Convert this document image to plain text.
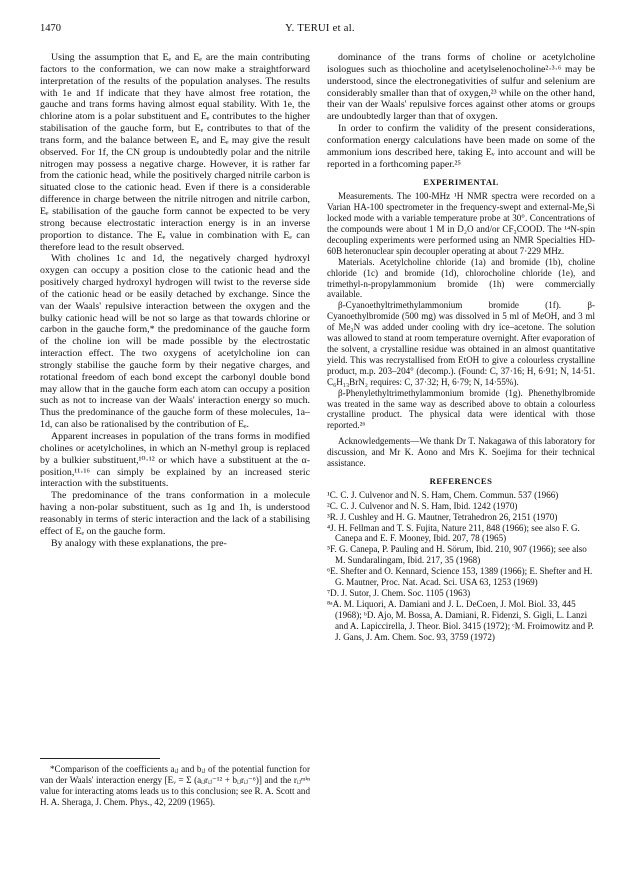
1470	Y. TERUI et al.

Using the assumption that Eₑ and Eₑ are the main contributing factors to the conformation, we can now make a straightforward interpretation of the results of the population analyses. The results with 1e and 1f indicate that they have almost free rotation, the gauche and trans forms having almost equal stability. With 1e, the chlorine atom is a polar substituent and Eₑ contributes to the higher stabilisation of the gauche form, but Eₑ contributes to that of the trans form, and the balance between Eₑ and Eₑ may give the result observed. For 1f, the CN group is undoubtedly polar and the nitrile nitrogen may possess a negative charge. However, it is rather far from the cationic head, while the positively charged nitrile carbon is situated close to the cationic head. Even if there is a considerable difference in charge between the nitrile nitrogen and nitrile carbon, Eₑ stabilisation of the gauche form cannot be expected to be very strong because electrostatic interaction energy is in an inverse proportion to distance. The Eₑ value in combination with Eₑ can therefore lead to the result observed.

With cholines 1c and 1d, the negatively charged hydroxyl oxygen can occupy a position close to the cationic head and the positively charged hydroxyl hydrogen will twist to the reverse side of the cationic head or be easily detached by exchange. Since the van der Waals' repulsive interaction between the oxygen and the bulky cationic head will be not so large as that towards chlorine or carbon in the gauche form,* the predominance of the gauche form of the choline ion will be made possible by the electrostatic interaction effect. The two oxygens of acetylcholine ion can strongly stabilise the gauche form by their negative charges, and rotational freedom of each bond except the carbonyl double bond may allow that in the gauche form each atom can occupy a position such as not to increase van der Waals' interaction energy so much. Thus the predominance of the gauche form of these molecules, 1a–1d, can also be rationalised by the contribution of Eₑ.

Apparent increases in population of the trans forms in modified cholines or acetylcholines, in which an N-methyl group is replaced by a bulkier substituent,¹⁰·¹² or which have a substituent at the α-position,¹¹·¹⁶ can simply be explained by an increased steric interaction with the substituents.

The predominance of the trans conformation in a molecule having a non-polar substituent, such as 1g and 1h, is understood reasonably in terms of steric interaction and the lack of a stabilising effect of Eₑ on the gauche form.

By analogy with these explanations, the pre-

*Comparison of the coefficients aᵢⱼ and bᵢⱼ of the potential function for van der Waals' interaction energy [Eᵥ = Σ (aᵢⱼrᵢⱼ⁻¹² + bᵢⱼrᵢⱼ⁻⁶)] and the rᵢⱼᵐⁱⁿ value for interacting atoms leads us to this conclusion; see R. A. Scott and H. A. Sheraga, J. Chem. Phys., 42, 2209 (1965).

dominance of the trans forms of choline or acetylcholine isologues such as thiocholine and acetylselenocholine²·³·⁶ may be understood, since the electronegativities of sulfur and selenium are considerably smaller than that of oxygen,²³ while on the other hand, their van der Waals' repulsive forces against other atoms or groups are undoubtedly larger than that of oxygen.

In order to confirm the validity of the present considerations, conformation energy calculations have been made on some of the ammonium ions described here, taking Eᵥ into account and will be reported in a forthcoming paper.²⁵

EXPERIMENTAL

Measurements. The 100-MHz ¹H NMR spectra were recorded on a Varian HA-100 spectrometer in the frequency-swept and external-Me₄Si locked mode with a variable temperature probe at 30°. Concentrations of the compounds were about 1 M in D₂O and/or CF₃COOD. The ¹⁴N-spin decoupling experiments were performed using an NMR Specialties HD-60B heteronuclear spin decoupler operating at about 7·229 MHz.

Materials. Acetylcholine chloride (1a) and bromide (1b), choline chloride (1c) and bromide (1d), chlorocholine chloride (1e), and trimethyl-n-propylammonium bromide (1h) were commercially available.

β-Cyanoethyltrimethylammonium bromide (1f). β-Cyanoethylbromide (500 mg) was dissolved in 5 ml of MeOH, and 3 ml of Me₃N was added under cooling with dry ice–acetone. The solution was allowed to stand at room temperature overnight. After evaporation of the solvent, a crystalline residue was obtained in an almost quantitative yield. This was recrystallised from EtOH to give a colourless crystalline product, m.p. 203–204° (decomp.). (Found: C, 37·16; H, 6·91; N, 14·51. C₆H₁₃BrN₂ requires: C, 37·32; H, 6·79; N, 14·55%).

β-Phenylethyltrimethylammonium bromide (1g). Phenethylbromide was treated in the same way as described above to obtain a colourless crystalline product. The physical data were identical with those reported.²⁶

Acknowledgements—We thank Dr T. Nakagawa of this laboratory for discussion, and Mr K. Aono and Mrs K. Soejima for their technical assistance.

REFERENCES
¹C. C. J. Culvenor and N. S. Ham, Chem. Commun. 537 (1966)
²C. C. J. Culvenor and N. S. Ham, Ibid. 1242 (1970)
³R. J. Cushley and H. G. Mautner, Tetrahedron 26, 2151 (1970)
⁴J. H. Fellman and T. S. Fujita, Nature 211, 848 (1966); see also F. G. Canepa and E. F. Mooney, Ibid. 207, 78 (1965)
⁵F. G. Canepa, P. Pauling and H. Sörum, Ibid. 210, 907 (1966); see also M. Sundaralingam, Ibid. 217, 35 (1968)
⁶E. Shefter and O. Kennard, Science 153, 1389 (1966); E. Shefter and H. G. Mautner, Proc. Nat. Acad. Sci. USA 63, 1253 (1969)
⁷D. J. Sutor, J. Chem. Soc. 1105 (1963)
⁸ᵃA. M. Liquori, A. Damiani and J. L. DeCoen, J. Mol. Biol. 33, 445 (1968); ᵇD. Ajo, M. Bossa, A. Damiani, R. Fidenzi, S. Gigli, L. Lanzi and A. Lapiccirella, J. Theor. Biol. 3415 (1972); ᶜM. Froimowitz and P. J. Gans, J. Am. Chem. Soc. 93, 3759 (1972)
